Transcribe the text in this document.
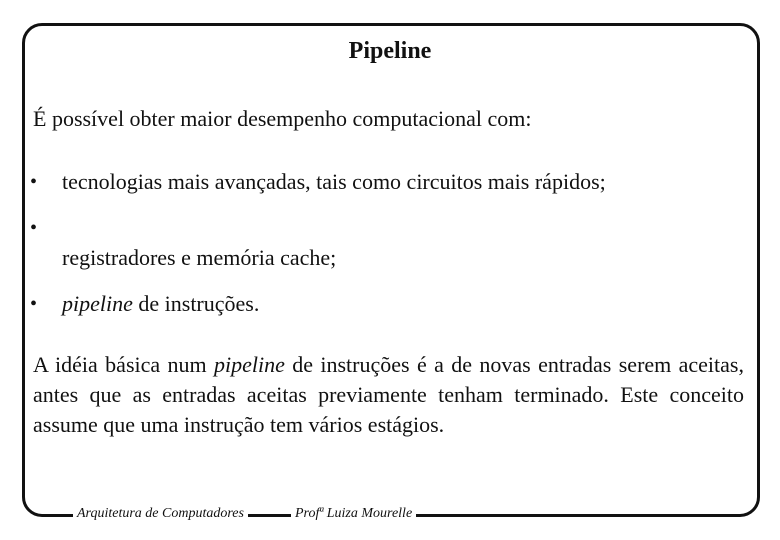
Pipeline
É possível obter maior desempenho computacional com:
• tecnologias mais avançadas, tais como circuitos mais rápidos;
•
registradores e memória cache;
• pipeline de instruções.
A idéia básica num pipeline de instruções é a de novas entradas serem aceitas, antes que as entradas aceitas previamente tenham terminado. Este conceito assume que uma instrução tem vários estágios.
Arquitetura de Computadores	Profª Luiza Mourelle
